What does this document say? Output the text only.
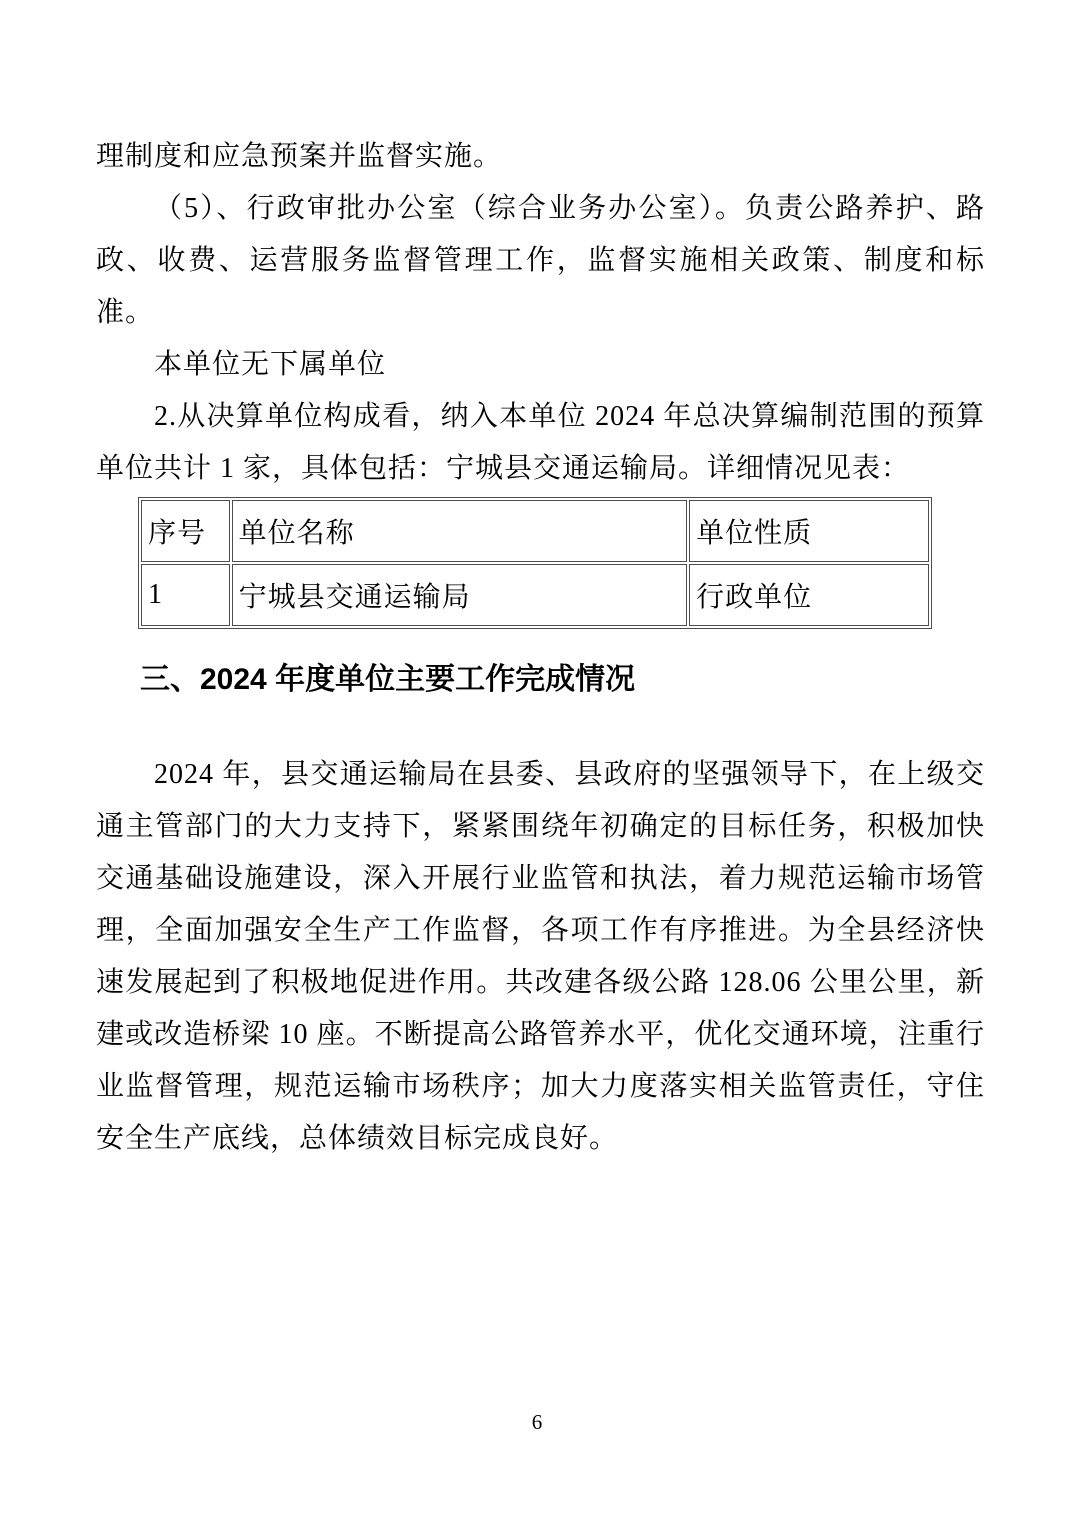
理制度和应急预案并监督实施。

（5）、行政审批办公室（综合业务办公室）。负责公路养护、路政、收费、运营服务监督管理工作，监督实施相关政策、制度和标准。

本单位无下属单位

2.从决算单位构成看，纳入本单位 2024 年总决算编制范围的预算单位共计 1 家，具体包括：宁城县交通运输局。详细情况见表：

序号	单位名称	单位性质
1	宁城县交通运输局	行政单位
三、2024 年度单位主要工作完成情况

2024 年，县交通运输局在县委、县政府的坚强领导下，在上级交通主管部门的大力支持下，紧紧围绕年初确定的目标任务，积极加快交通基础设施建设，深入开展行业监管和执法，着力规范运输市场管理，全面加强安全生产工作监督，各项工作有序推进。为全县经济快速发展起到了积极地促进作用。共改建各级公路 128.06 公里公里，新建或改造桥梁 10 座。不断提高公路管养水平，优化交通环境，注重行业监督管理，规范运输市场秩序；加大力度落实相关监管责任，守住安全生产底线，总体绩效目标完成良好。

6
